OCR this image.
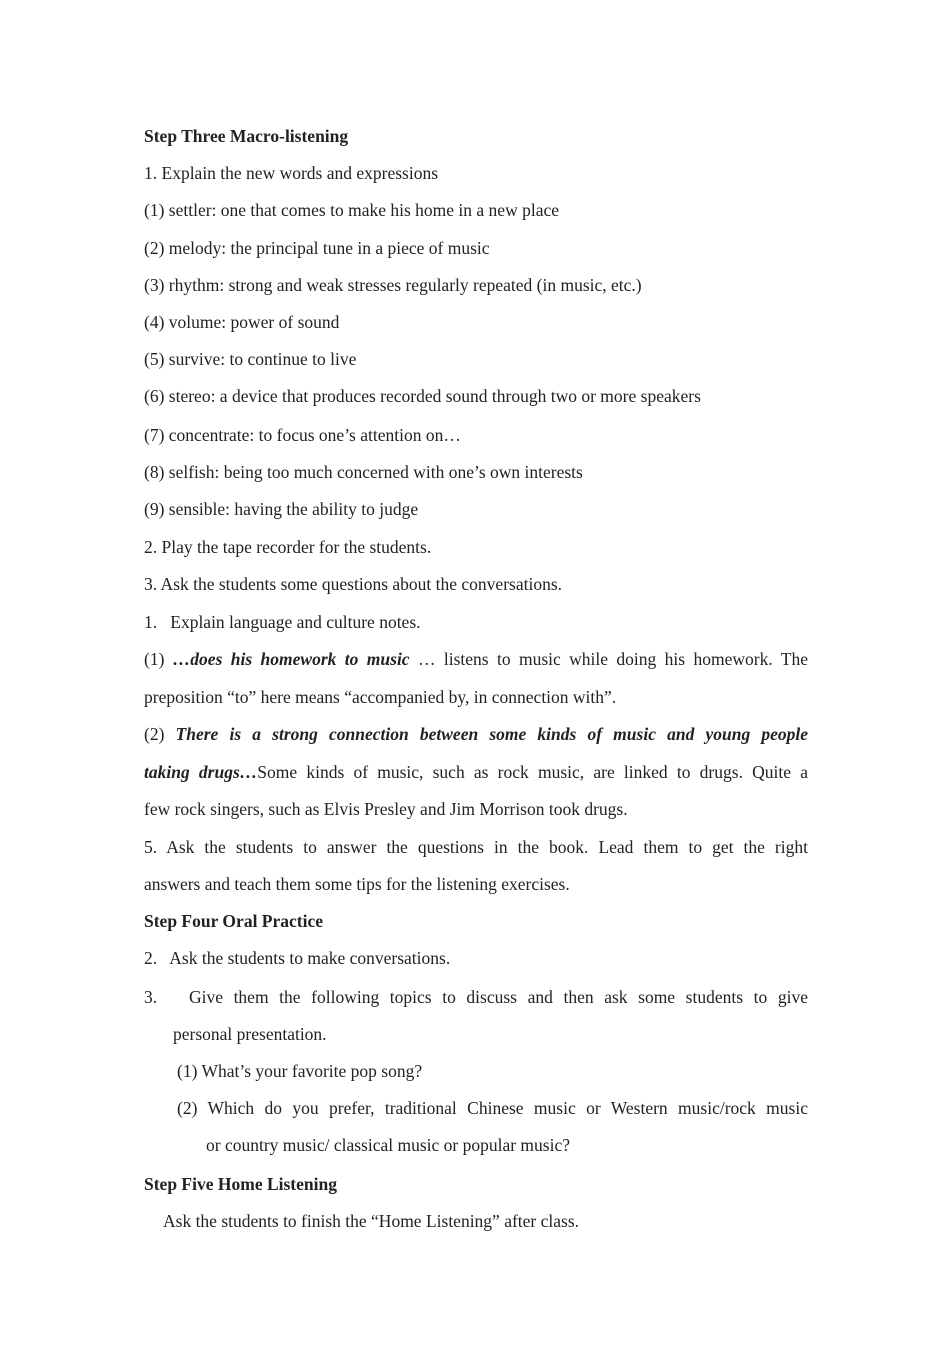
Step Three Macro-listening
1. Explain the new words and expressions
(1) settler: one that comes to make his home in a new place
(2) melody: the principal tune in a piece of music
(3) rhythm: strong and weak stresses regularly repeated (in music, etc.)
(4) volume: power of sound
(5) survive: to continue to live
(6) stereo: a device that produces recorded sound through two or more speakers
(7) concentrate: to focus one’s attention on…
(8) selfish: being too much concerned with one’s own interests
(9) sensible: having the ability to judge
2. Play the tape recorder for the students.
3. Ask the students some questions about the conversations.
1.   Explain language and culture notes.
(1) …does his homework to music … listens to music while doing his homework. The
preposition “to” here means “accompanied by, in connection with”.
(2) There is a strong connection between some kinds of music and young people
taking drugs…Some kinds of music, such as rock music, are linked to drugs. Quite a
few rock singers, such as Elvis Presley and Jim Morrison took drugs.
5. Ask the students to answer the questions in the book. Lead them to get the right
answers and teach them some tips for the listening exercises.
Step Four Oral Practice
2.   Ask the students to make conversations.
3.   Give them the following topics to discuss and then ask some students to give
personal presentation.
(1) What’s your favorite pop song?
(2) Which do you prefer, traditional Chinese music or Western music/rock music
or country music/ classical music or popular music?
Step Five Home Listening
Ask the students to finish the “Home Listening” after class.
